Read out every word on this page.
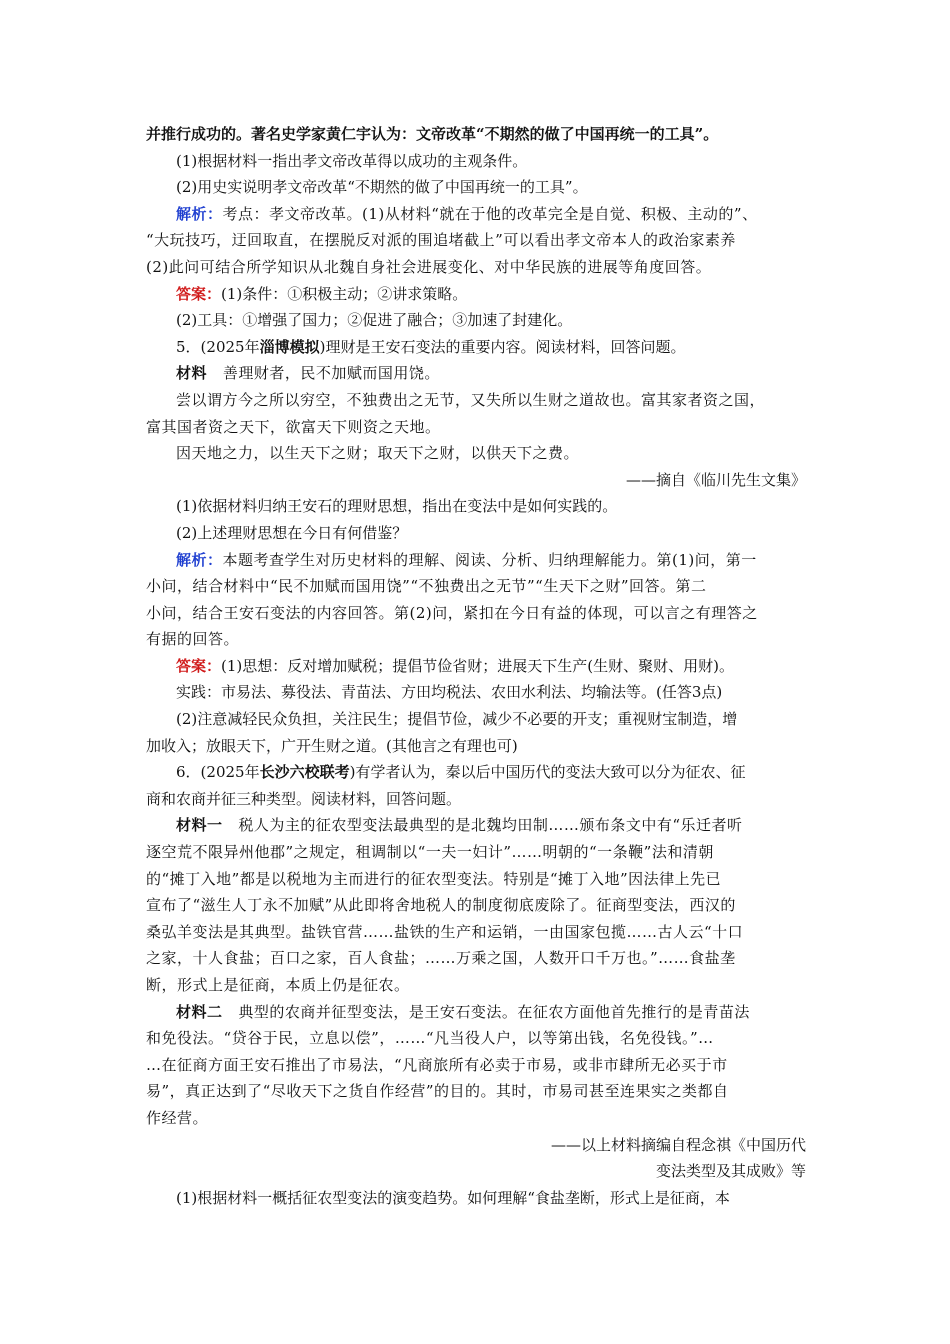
并推行成功的。著名史学家黄仁宇认为：文帝改革“不期然的做了中国再统一的工具”。

(1)根据材料一指出孝文帝改革得以成功的主观条件。

(2)用史实说明孝文帝改革“不期然的做了中国再统一的工具”。

解析：考点：孝文帝改革。(1)从材料“就在于他的改革完全是自觉、积极、主动的”、

“大玩技巧，迂回取直，在摆脱反对派的围追堵截上”可以看出孝文帝本人的政治家素养

(2)此问可结合所学知识从北魏自身社会进展变化、对中华民族的进展等角度回答。

答案：(1)条件：①积极主动；②讲求策略。

(2)工具：①增强了国力；②促进了融合；③加速了封建化。

5．(2025年淄博模拟)理财是王安石变法的重要内容。阅读材料，回答问题。

材料 善理财者，民不加赋而国用饶。

尝以谓方今之所以穷空，不独费出之无节，又失所以生财之道故也。富其家者资之国，

富其国者资之天下，欲富天下则资之天地。

因天地之力，以生天下之财；取天下之财，以供天下之费。

——摘自《临川先生文集》

(1)依据材料归纳王安石的理财思想，指出在变法中是如何实践的。

(2)上述理财思想在今日有何借鉴？

解析：本题考查学生对历史材料的理解、阅读、分析、归纳理解能力。第(1)问，第一

小问，结合材料中“民不加赋而国用饶”“不独费出之无节”“生天下之财”回答。第二

小问，结合王安石变法的内容回答。第(2)问，紧扣在今日有益的体现，可以言之有理答之

有据的回答。

答案：(1)思想：反对增加赋税；提倡节俭省财；进展天下生产(生财、聚财、用财)。

实践：市易法、募役法、青苗法、方田均税法、农田水利法、均输法等。(任答3点)

(2)注意减轻民众负担，关注民生；提倡节俭，减少不必要的开支；重视财宝制造，增

加收入；放眼天下，广开生财之道。(其他言之有理也可)

6．(2025年长沙六校联考)有学者认为，秦以后中国历代的变法大致可以分为征农、征

商和农商并征三种类型。阅读材料，回答问题。

材料一 税人为主的征农型变法最典型的是北魏均田制……颁布条文中有“乐迁者听

逐空荒不限异州他郡”之规定，租调制以“一夫一妇计”……明朝的“一条鞭”法和清朝

的“摊丁入地”都是以税地为主而进行的征农型变法。特别是“摊丁入地”因法律上先已

宣布了“滋生人丁永不加赋”从此即将舍地税人的制度彻底废除了。征商型变法，西汉的

桑弘羊变法是其典型。盐铁官营……盐铁的生产和运销，一由国家包揽……古人云“十口

之家，十人食盐；百口之家，百人食盐；……万乘之国，人数开口千万也。”……食盐垄

断，形式上是征商，本质上仍是征农。

材料二 典型的农商并征型变法，是王安石变法。在征农方面他首先推行的是青苗法

和免役法。“贷谷于民，立息以偿”，……“凡当役人户，以等第出钱，名免役钱。”…

…在征商方面王安石推出了市易法，“凡商旅所有必卖于市易，或非市肆所无必买于市

易”，真正达到了“尽收天下之货自作经营”的目的。其时，市易司甚至连果实之类都自

作经营。

——以上材料摘编自程念祺《中国历代

变法类型及其成败》等

(1)根据材料一概括征农型变法的演变趋势。如何理解“食盐垄断，形式上是征商，本
